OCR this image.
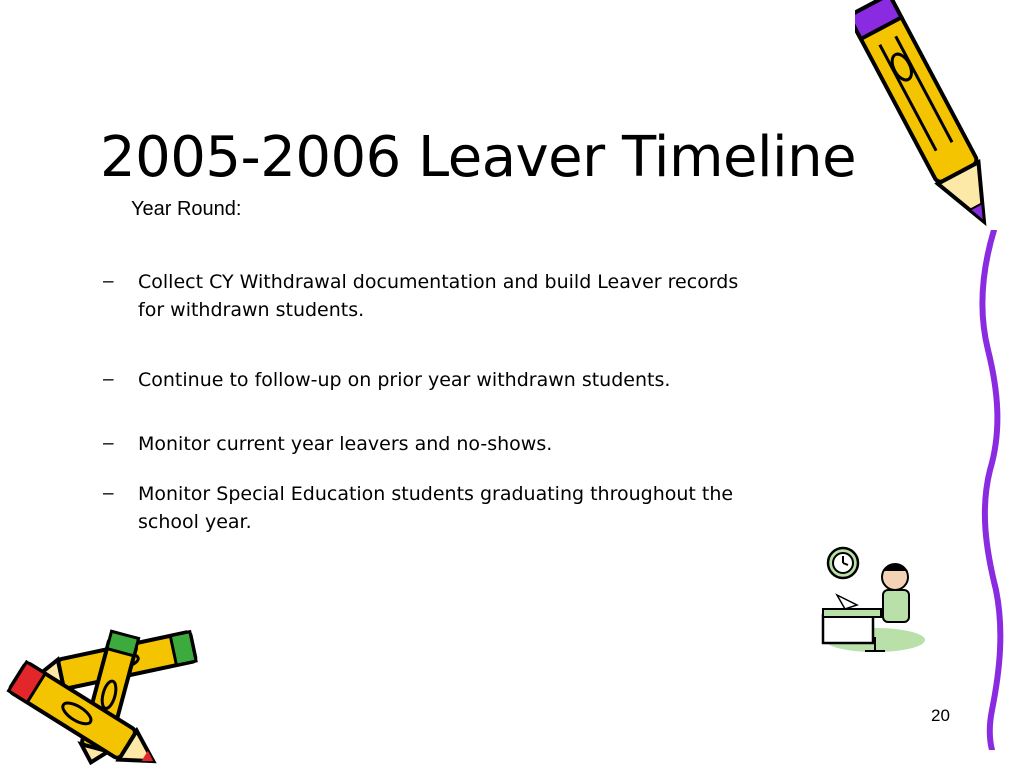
2005-2006 Leaver Timeline
Year Round:
– Collect CY Withdrawal documentation and build Leaver records
for withdrawn students.
– Continue to follow-up on prior year withdrawn students.
– Monitor current year leavers and no-shows.
– Monitor Special Education students graduating throughout the
school year.
20
